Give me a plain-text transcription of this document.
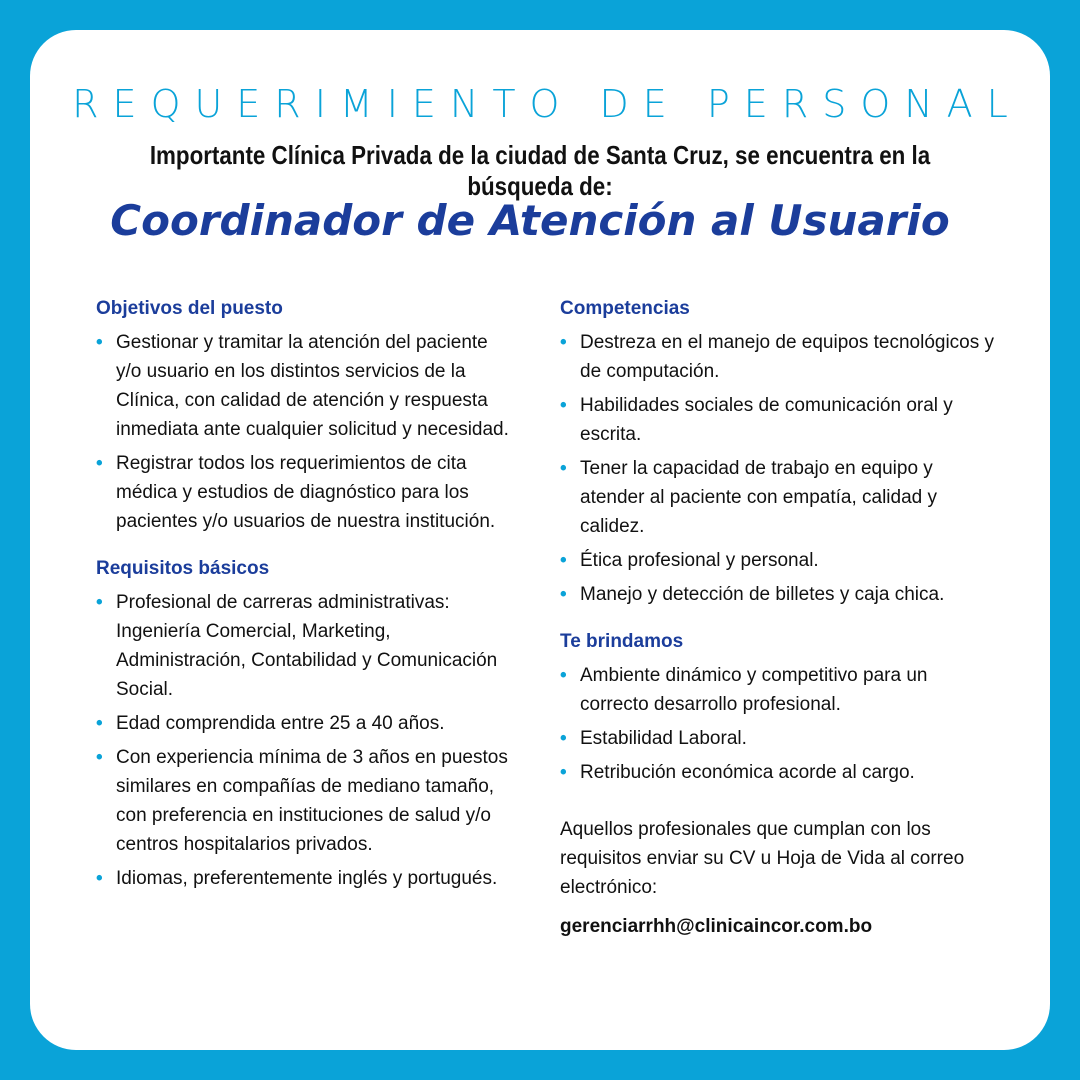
REQUERIMIENTO DE PERSONAL
Importante Clínica Privada de la ciudad de Santa Cruz, se encuentra en la búsqueda de:
Coordinador de Atención al Usuario
Objetivos del puesto
• Gestionar y tramitar la atención del paciente y/o usuario en los distintos servicios de la Clínica, con calidad de atención y respuesta inmediata ante cualquier solicitud y necesidad.
• Registrar todos los requerimientos de cita médica y estudios de diagnóstico para los pacientes y/o usuarios de nuestra institución.
Requisitos básicos
• Profesional de carreras administrativas: Ingeniería Comercial, Marketing, Administración, Contabilidad y Comunicación Social.
• Edad comprendida entre 25 a 40 años.
• Con experiencia mínima de 3 años en puestos similares en compañías de mediano tamaño, con preferencia en instituciones de salud y/o centros hospitalarios privados.
• Idiomas, preferentemente inglés y portugués.
Competencias
• Destreza en el manejo de equipos tecnológicos y de computación.
• Habilidades sociales de comunicación oral y escrita.
• Tener la capacidad de trabajo en equipo y atender al paciente con empatía, calidad y calidez.
• Ética profesional y personal.
• Manejo y detección de billetes y caja chica.
Te brindamos
• Ambiente dinámico y competitivo para un correcto desarrollo profesional.
• Estabilidad Laboral.
• Retribución económica acorde al cargo.
Aquellos profesionales que cumplan con los requisitos enviar su CV u Hoja de Vida al correo electrónico:
gerenciarrhh@clinicaincor.com.bo
